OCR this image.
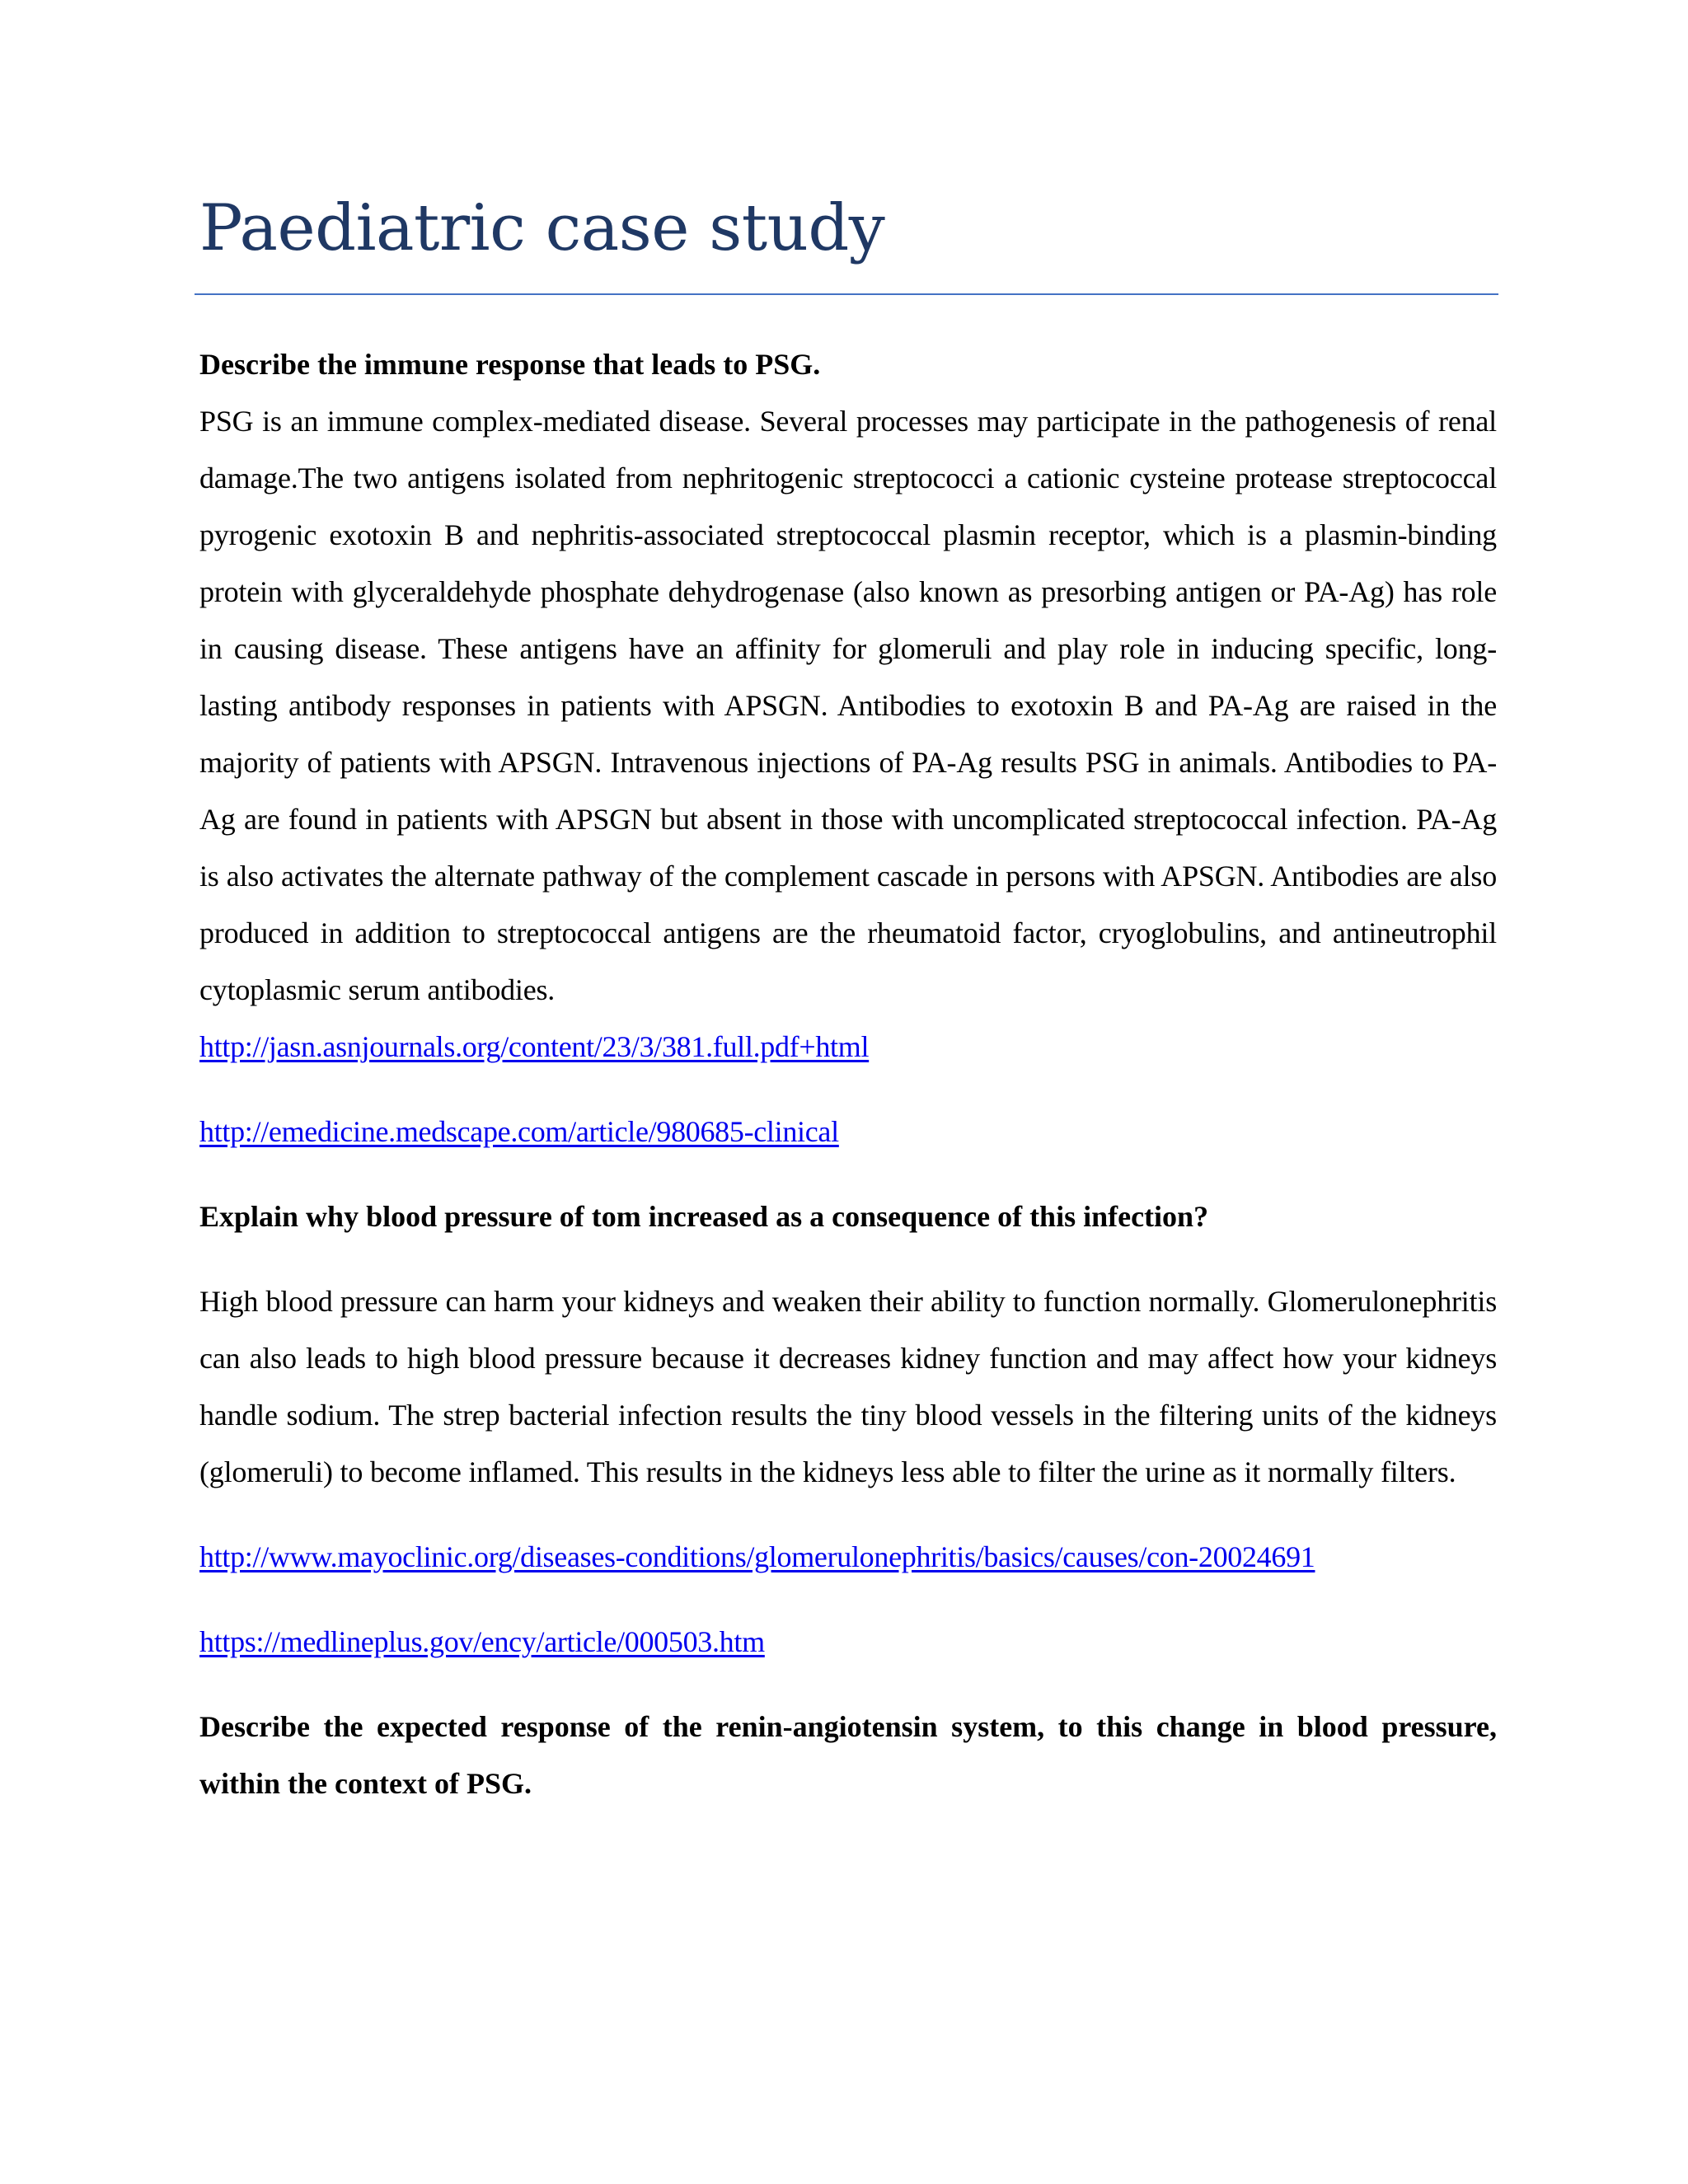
Paediatric case study

Describe the immune response that leads to PSG.

PSG is an immune complex-mediated disease. Several processes may participate in the pathogenesis of renal damage.The two antigens isolated from nephritogenic streptococci a cationic cysteine protease streptococcal pyrogenic exotoxin B and nephritis-associated streptococcal plasmin receptor, which is a plasmin-binding protein with glyceraldehyde phosphate dehydrogenase (also known as presorbing antigen or PA-Ag) has role in causing disease. These antigens have an affinity for glomeruli and play role in inducing specific, long-lasting antibody responses in patients with APSGN. Antibodies to exotoxin B and PA-Ag are raised in the majority of patients with APSGN. Intravenous injections of PA-Ag results PSG in animals. Antibodies to PA-Ag are found in patients with APSGN but absent in those with uncomplicated streptococcal infection. PA-Ag is also activates the alternate pathway of the complement cascade in persons with APSGN. Antibodies are also produced in addition to streptococcal antigens are the rheumatoid factor, cryoglobulins, and antineutrophil cytoplasmic serum antibodies.

http://jasn.asnjournals.org/content/23/3/381.full.pdf+html

http://emedicine.medscape.com/article/980685-clinical

Explain why blood pressure of tom increased as a consequence of this infection?

High blood pressure can harm your kidneys and weaken their ability to function normally. Glomerulonephritis can also leads to high blood pressure because it decreases kidney function and may affect how your kidneys handle sodium. The strep bacterial infection results the tiny blood vessels in the filtering units of the kidneys (glomeruli) to become inflamed. This results in the kidneys less able to filter the urine as it normally filters.

http://www.mayoclinic.org/diseases-conditions/glomerulonephritis/basics/causes/con-20024691

https://medlineplus.gov/ency/article/000503.htm

Describe the expected response of the renin-angiotensin system, to this change in blood pressure, within the context of PSG.
